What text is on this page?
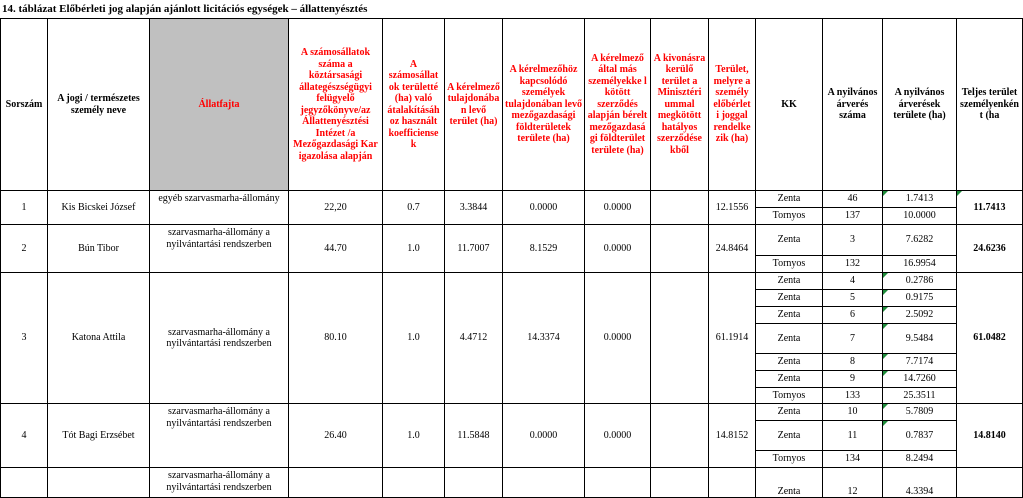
14. táblázat Előbérleti jog alapján ajánlott licitációs egységek – állattenyésztés
Sorszám	A jogi / természetes személy neve	Állatfajta	A számosállatok száma a köztársasági állategészségügyi felügyelő jegyzőkönyve/az Állattenyésztési Intézet /a Mezőgazdasági Kar igazolása alapján	A számosállat ok területté (ha) való átalakításáh oz használt koefficiense k	A kérelmező tulajdonába n levő terület (ha)	A kérelmezőhöz kapcsolódó személyek tulajdonában levő mezőgazdasági földterületek területe (ha)	A kérelmező által más személyekke l kötött szerződés alapján bérelt mezőgazdasá gi földterület területe (ha)	A kivonásra kerülő terület a Minisztéri ummal megkötött hatályos szerződése kből	Terület, melyre a személy előbérlet i joggal rendelke zik (ha)	KK	A nyilvános árverés száma	A nyilvános árverések területe (ha)	Teljes terület személyenkén t (ha
1	Kis Bicskei József	egyéb szarvasmarha-állomány	22,20	0.7	3.3844	0.0000	0.0000		12.1556	Zenta	46	1.7413	11.7413
										Tornyos	137	10.0000	
2	Bún Tibor	szarvasmarha-állomány a nyilvántartási rendszerben	44.70	1.0	11.7007	8.1529	0.0000		24.8464	Zenta	3	7.6282	24.6236
										Tornyos	132	16.9954	
3	Katona Attila	szarvasmarha-állomány a nyilvántartási rendszerben	80.10	1.0	4.4712	14.3374	0.0000		61.1914	Zenta	4	0.2786	61.0482
										Zenta	5	0.9175	
										Zenta	6	2.5092	
										Zenta	7	9.5484	
										Zenta	8	7.7174	
										Zenta	9	14.7260	
										Tornyos	133	25.3511	
4	Tót Bagi Erzsébet	szarvasmarha-állomány a nyilvántartási rendszerben	26.40	1.0	11.5848	0.0000	0.0000		14.8152	Zenta	10	5.7809	14.8140
										Zenta	11	0.7837	
										Tornyos	134	8.2494	
		szarvasmarha-állomány a nyilvántartási rendszerben								Zenta	12	4.3394	
